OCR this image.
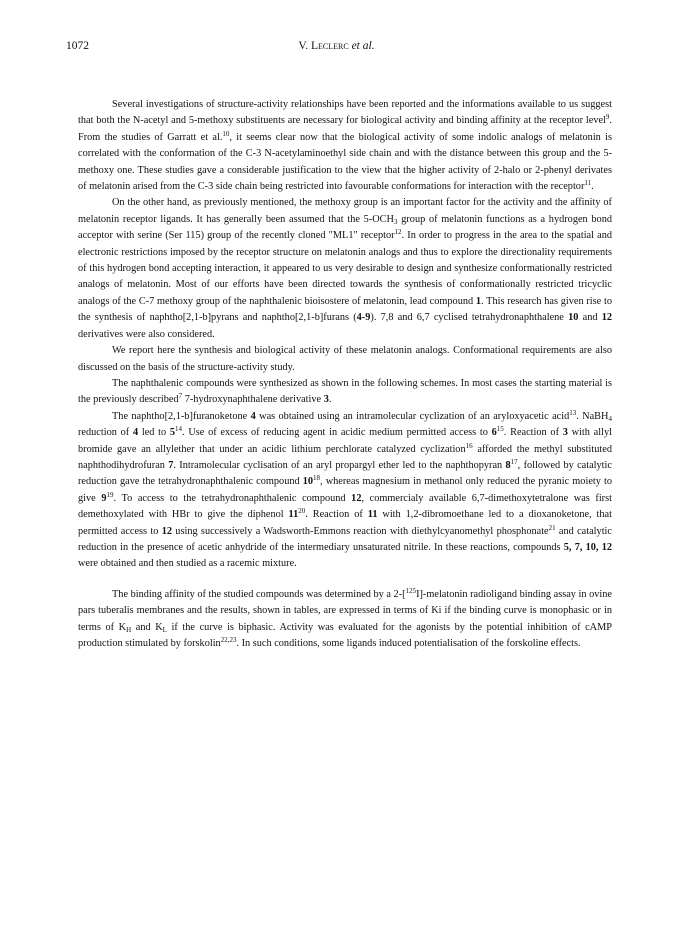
1072	V. Leclerc et al.

Several investigations of structure-activity relationships have been reported and the informations available to us suggest that both the N-acetyl and 5-methoxy substituents are necessary for biological activity and binding affinity at the receptor level$^9$. From the studies of Garratt et al.$^{10}$, it seems clear now that the biological activity of some indolic analogs of melatonin is correlated with the conformation of the C-3 N-acetylaminoethyl side chain and with the distance between this group and the 5-methoxy one. These studies gave a considerable justification to the view that the higher activity of 2-halo or 2-phenyl derivates of melatonin arised from the C-3 side chain being restricted into favourable conformations for interaction with the receptor$^{11}$.

On the other hand, as previously mentioned, the methoxy group is an important factor for the activity and the affinity of melatonin receptor ligands. It has generally been assumed that the $5-OCH_3$ group of melatonin functions as a hydrogen bond acceptor with serine (Ser 115) group of the recently cloned "ML1" receptor$^{12}$. In order to progress in the area to the spatial and electronic restrictions imposed by the receptor structure on melatonin analogs and thus to explore the directionality requirements of this hydrogen bond accepting interaction, it appeared to us very desirable to design and synthesize conformationally restricted analogs of melatonin. Most of our efforts have been directed towards the synthesis of conformationally restricted tricyclic analogs of the C-7 methoxy group of the naphthalenic bioisostere of melatonin, lead compound 1. This research has given rise to the synthesis of naphtho[2,1-b]pyrans and naphtho[2,1-b]furans (4-9). 7,8 and 6,7 cyclised tetrahydronaphthalene 10 and 12 derivatives were also considered.

We report here the synthesis and biological activity of these melatonin analogs. Conformational requirements are also discussed on the basis of the structure-activity study.

The naphthalenic compounds were synthesized as shown in the following schemes. In most cases the starting material is the previously described$^7$ 7-hydroxynaphthalene derivative 3.

The naphtho[2,1-b]furanoketone 4 was obtained using an intramolecular cyclization of an aryloxyacetic acid$^{13}$. NaBH$_4$ reduction of 4 led to $5^{14}$. Use of excess of reducing agent in acidic medium permitted access to $6^{15}$. Reaction of 3 with allyl bromide gave an allylether that under an acidic lithium perchlorate catalyzed cyclization$^{16}$ afforded the methyl substituted naphthodihydrofuran 7. Intramolecular cyclisation of an aryl propargyl ether led to the naphthopyran $8^{17}$, followed by catalytic reduction gave the tetrahydronaphthalenic compound $10^{18}$, whereas magnesium in methanol only reduced the pyranic moiety to give $9^{19}$. To access to the tetrahydronaphthalenic compound 12, commercialy available 6,7-dimethoxytetralone was first demethoxylated with HBr to give the diphenol $11^{20}$. Reaction of 11 with 1,2-dibromoethane led to a dioxanoketone, that permitted access to 12 using successively a Wadsworth-Emmons reaction with diethylcyanomethyl phosphonate$^{21}$ and catalytic reduction in the presence of acetic anhydride of the intermediary unsaturated nitrile. In these reactions, compounds 5, 7, 10, 12 were obtained and then studied as a racemic mixture.

The binding affinity of the studied compounds was determined by a 2-[$^{125}$I]-melatonin radioligand binding assay in ovine pars tuberalis membranes and the results, shown in tables, are expressed in terms of Ki if the binding curve is monophasic or in terms of $K_H$ and $K_L$ if the curve is biphasic. Activity was evaluated for the agonists by the potential inhibition of cAMP production stimulated by forskolin$^{22,23}$. In such conditions, some ligands induced potentialisation of the forskoline effects.
